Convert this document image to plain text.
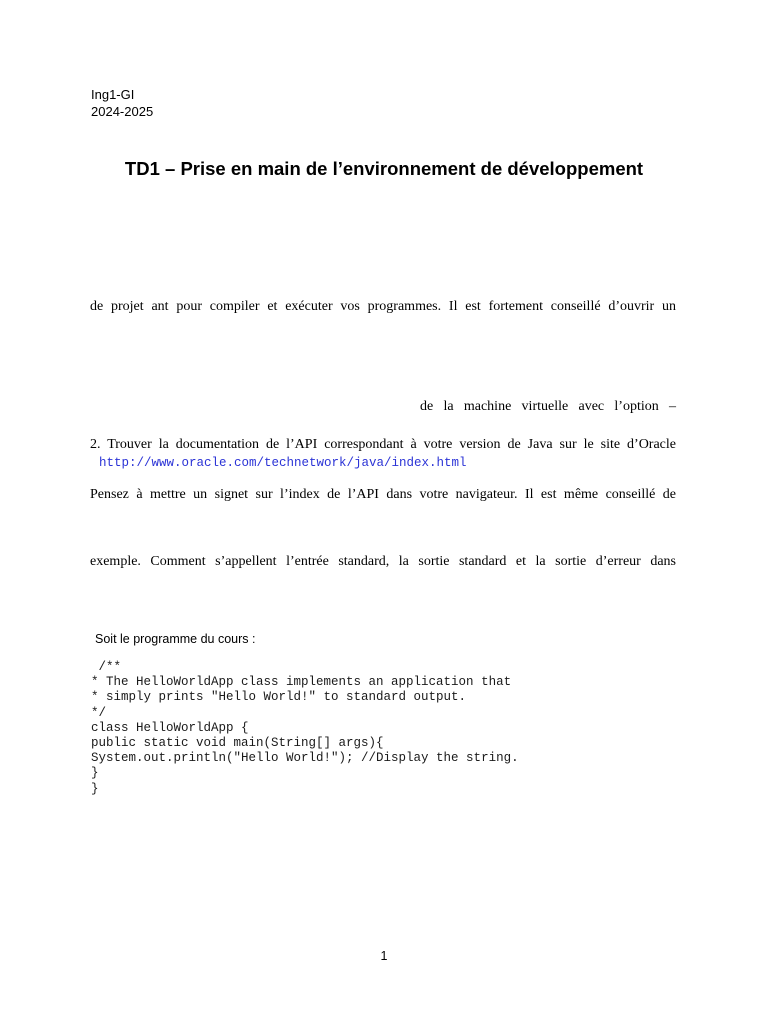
Ing1-GI
2024-2025
TD1 – Prise en main de l’environnement de développement
de projet ant pour compiler et exécuter vos programmes. Il est fortement conseillé d’ouvrir un
de la machine virtuelle avec l’option –
2. Trouver la documentation de l’API correspondant à votre version de Java sur le site d’Oracle
http://www.oracle.com/technetwork/java/index.html
Pensez à mettre un signet sur l’index de l’API dans votre navigateur. Il est même conseillé de
exemple. Comment s’appellent l’entrée standard, la sortie standard et la sortie d’erreur dans
Soit le programme du cours :
/**
* The HelloWorldApp class implements an application that
* simply prints "Hello World!" to standard output.
*/
class HelloWorldApp {
public static void main(String[] args){
System.out.println("Hello World!"); //Display the string.
}
}
1
